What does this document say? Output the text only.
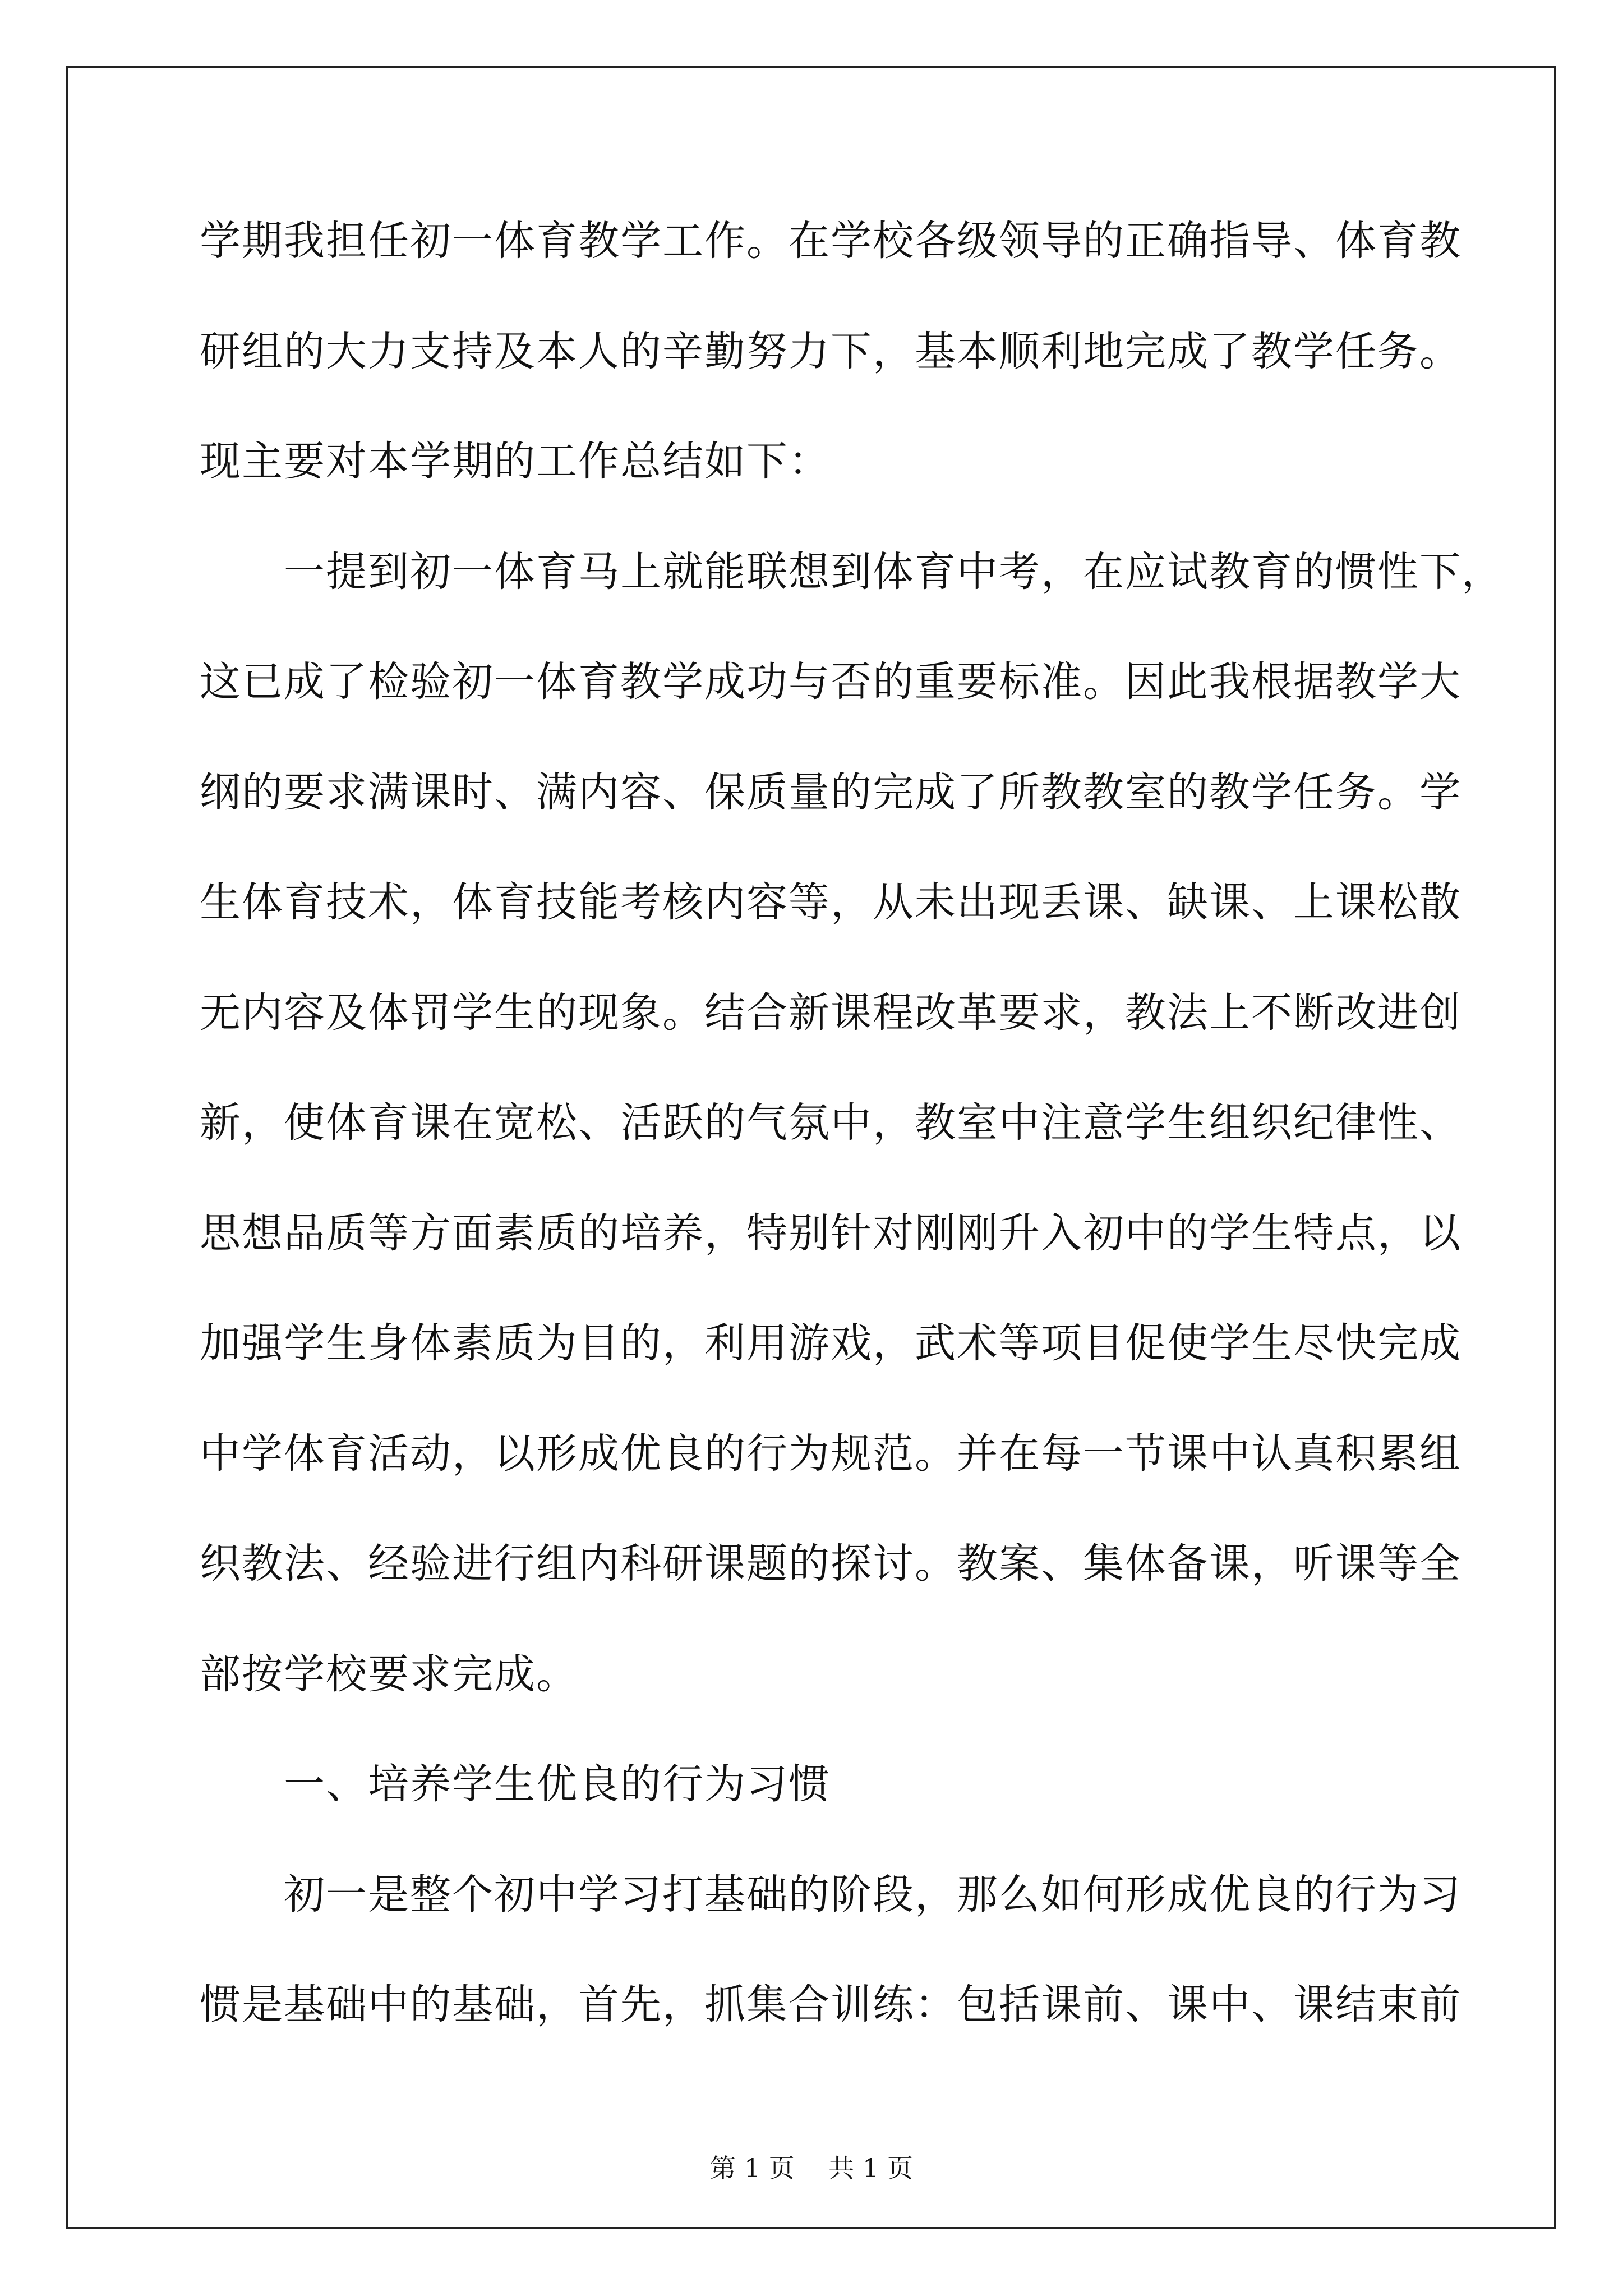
学期我担任初一体育教学工作。在学校各级领导的正确指导、体育教
研组的大力支持及本人的辛勤努力下，基本顺利地完成了教学任务。
现主要对本学期的工作总结如下：
　　一提到初一体育马上就能联想到体育中考，在应试教育的惯性下，
这已成了检验初一体育教学成功与否的重要标准。因此我根据教学大
纲的要求满课时、满内容、保质量的完成了所教教室的教学任务。学
生体育技术，体育技能考核内容等，从未出现丢课、缺课、上课松散
无内容及体罚学生的现象。结合新课程改革要求，教法上不断改进创
新，使体育课在宽松、活跃的气氛中，教室中注意学生组织纪律性、
思想品质等方面素质的培养，特别针对刚刚升入初中的学生特点，以
加强学生身体素质为目的，利用游戏，武术等项目促使学生尽快完成
中学体育活动，以形成优良的行为规范。并在每一节课中认真积累组
织教法、经验进行组内科研课题的探讨。教案、集体备课，听课等全
部按学校要求完成。
　　一、培养学生优良的行为习惯
　　初一是整个初中学习打基础的阶段，那么如何形成优良的行为习
惯是基础中的基础，首先，抓集合训练：包括课前、课中、课结束前
第 1 页　 共 1 页
